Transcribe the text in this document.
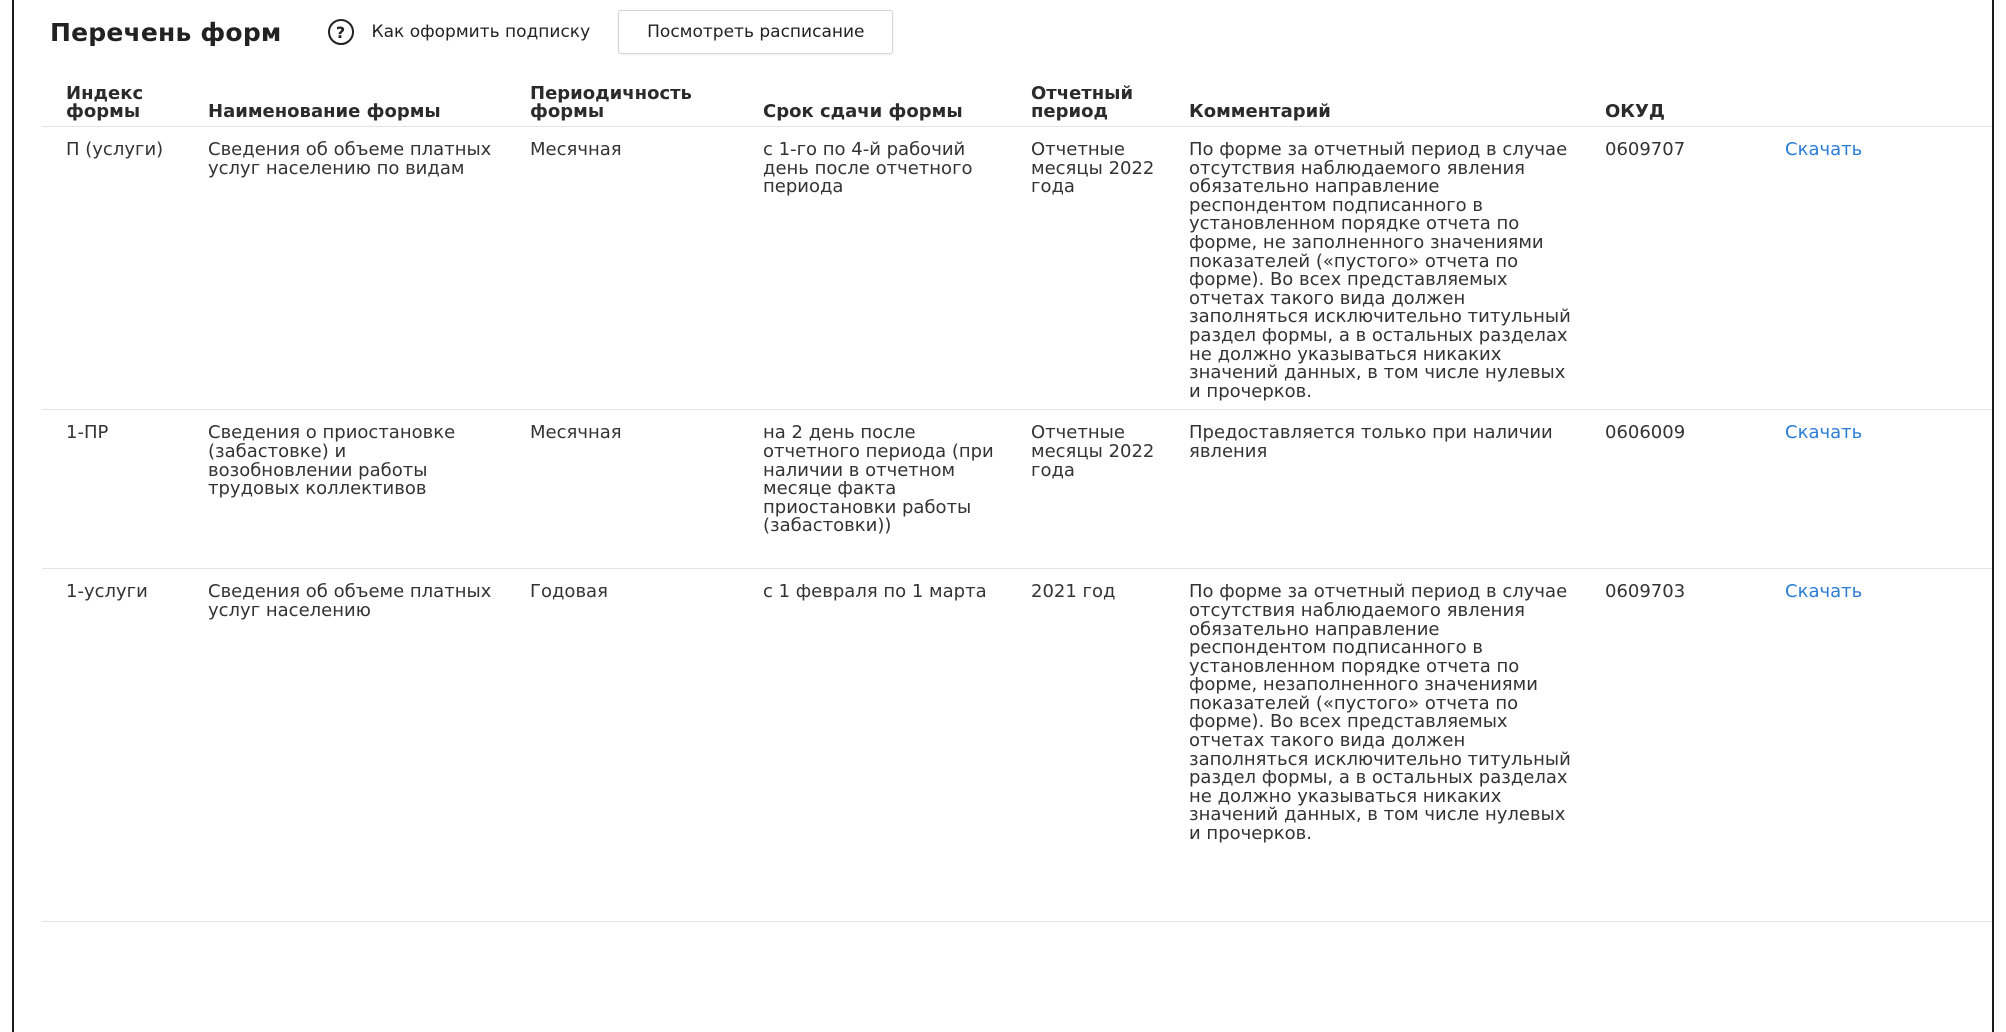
Перечень форм	?	Как оформить подписку	Посмотреть расписание
Индекс формы	Наименование формы	Периодичность формы	Срок сдачи формы	Отчетный период	Комментарий	ОКУД	
П (услуги)	Сведения об объеме платных услуг населению по видам	Месячная	с 1-го по 4-й рабочий день после отчетного периода	Отчетные месяцы 2022 года	По форме за отчетный период в случае отсутствия наблюдаемого явления обязательно направление респондентом подписанного в установленном порядке отчета по форме, не заполненного значениями показателей («пустого» отчета по форме). Во всех представляемых отчетах такого вида должен заполняться исключительно титульный раздел формы, а в остальных разделах не должно указываться никаких значений данных, в том числе нулевых и прочерков.	0609707	Скачать
1-ПР	Сведения о приостановке (забастовке) и возобновлении работы трудовых коллективов	Месячная	на 2 день после отчетного периода (при наличии в отчетном месяце факта приостановки работы (забастовки))	Отчетные месяцы 2022 года	Предоставляется только при наличии явления	0606009	Скачать
1-услуги	Сведения об объеме платных услуг населению	Годовая	с 1 февраля по 1 марта	2021 год	По форме за отчетный период в случае отсутствия наблюдаемого явления обязательно направление респондентом подписанного в установленном порядке отчета по форме, незаполненного значениями показателей («пустого» отчета по форме). Во всех представляемых отчетах такого вида должен заполняться исключительно титульный раздел формы, а в остальных разделах не должно указываться никаких значений данных, в том числе нулевых и прочерков.	0609703	Скачать
